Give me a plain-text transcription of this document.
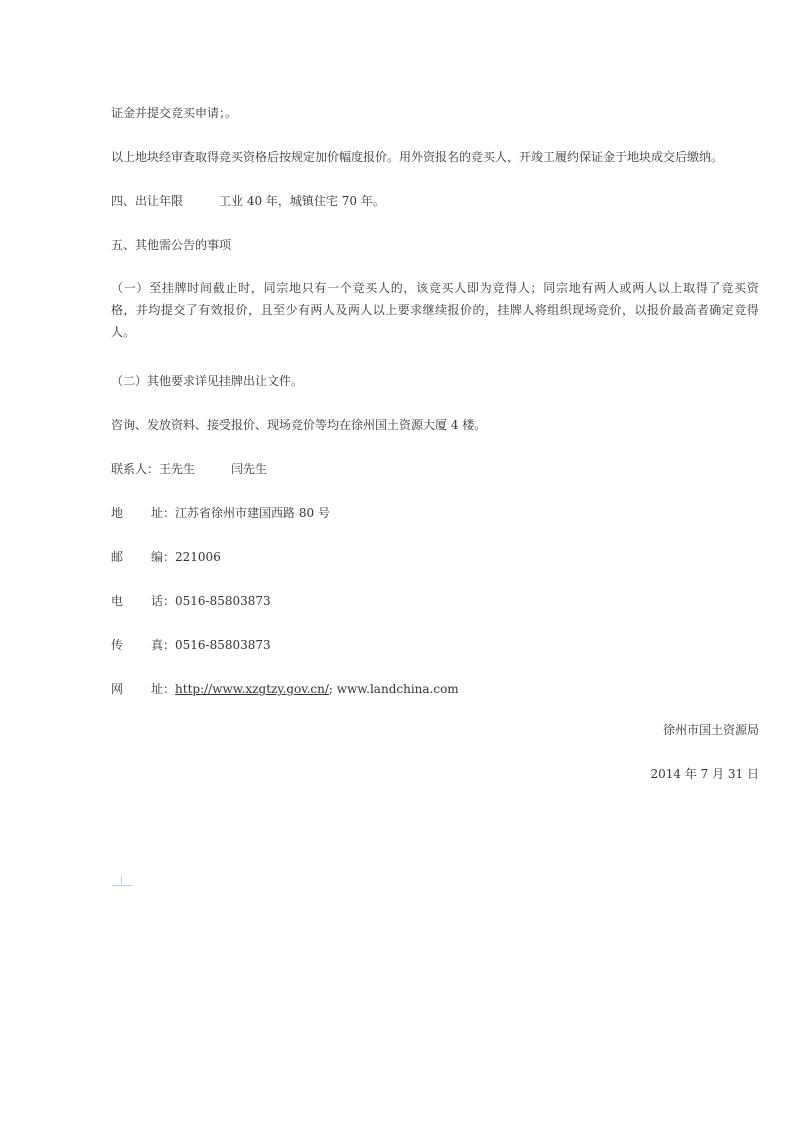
证金并提交竞买申请；。
以上地块经审查取得竞买资格后按规定加价幅度报价。用外资报名的竞买人，开竣工履约保证金于地块成交后缴纳。
四、出让年限	工业 40 年，城镇住宅 70 年。
五、其他需公告的事项
（一）至挂牌时间截止时，同宗地只有一个竞买人的，该竞买人即为竞得人；同宗地有两人或两人以上取得了竞买资格，并均提交了有效报价，且至少有两人及两人以上要求继续报价的，挂牌人将组织现场竞价，以报价最高者确定竞得人。
（二）其他要求详见挂牌出让文件。
咨询、发放资料、接受报价、现场竞价等均在徐州国土资源大厦 4 楼。
联系人：王先生	闫先生
地 址：江苏省徐州市建国西路 80 号
邮 编：221006
电 话：0516-85803873
传 真：0516-85803873
网 址：http://www.xzgtzy.gov.cn/; www.landchina.com
徐州市国土资源局
2014 年 7 月 31 日
